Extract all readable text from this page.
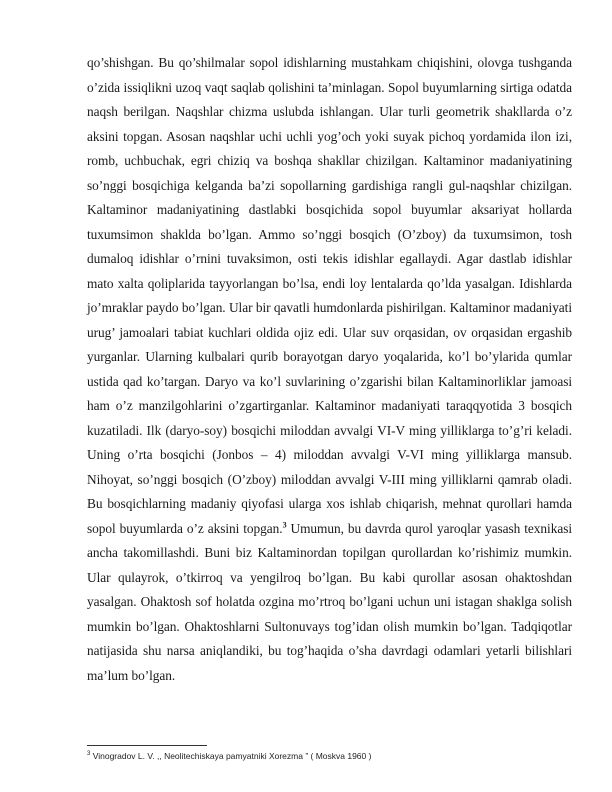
qo’shishgan. Bu qo’shilmalar sopol idishlarning mustahkam chiqishini, olovga tushganda o’zida issiqlikni uzoq vaqt saqlab qolishini ta’minlagan. Sopol buyumlarning sirtiga odatda naqsh berilgan. Naqshlar chizma uslubda ishlangan. Ular turli geometrik shakllarda o’z aksini topgan. Asosan naqshlar uchi uchli yog’och yoki suyak pichoq yordamida ilon izi, romb, uchbuchak, egri chiziq va boshqa shakllar chizilgan. Kaltaminor madaniyatining so’nggi bosqichiga kelganda ba’zi sopollarning gardishiga rangli gul-naqshlar chizilgan. Kaltaminor madaniyatining dastlabki bosqichida sopol buyumlar aksariyat hollarda tuxumsimon shaklda bo’lgan. Ammo so’nggi bosqich (O’zboy) da tuxumsimon, tosh dumaloq idishlar o’rnini tuvaksimon, osti tekis idishlar egallaydi. Agar dastlab idishlar mato xalta qoliplarida tayyorlangan bo’lsa, endi loy lentalarda qo’lda yasalgan. Idishlarda jo’mraklar paydo bo’lgan. Ular bir qavatli humdonlarda pishirilgan. Kaltaminor madaniyati urug’ jamoalari tabiat kuchlari oldida ojiz edi. Ular suv orqasidan, ov orqasidan ergashib yurganlar. Ularning kulbalari qurib borayotgan daryo yoqalarida, ko’l bo’ylarida qumlar ustida qad ko’targan. Daryo va ko’l suvlarining o’zgarishi bilan Kaltaminorliklar jamoasi ham o’z manzilgohlarini o’zgartirganlar. Kaltaminor madaniyati taraqqyotida 3 bosqich kuzatiladi. Ilk (daryo-soy) bosqichi miloddan avvalgi VI-V ming yilliklarga to’g’ri keladi. Uning o’rta bosqichi (Jonbos – 4) miloddan avvalgi V-VI ming yilliklarga mansub. Nihoyat, so’nggi bosqich (O’zboy) miloddan avvalgi V-III ming yilliklarni qamrab oladi. Bu bosqichlarning madaniy qiyofasi ularga xos ishlab chiqarish, mehnat qurollari hamda sopol buyumlarda o’z aksini topgan.$^3$ Umumun, bu davrda qurol yaroqlar yasash texnikasi ancha takomillashdi. Buni biz Kaltaminordan topilgan qurollardan ko’rishimiz mumkin. Ular qulayrok, o’tkirroq va yengilroq bo’lgan. Bu kabi qurollar asosan ohaktoshdan yasalgan. Ohaktosh sof holatda ozgina mo’rtroq bo’lgani uchun uni istagan shaklga solish mumkin bo’lgan. Ohaktoshlarni Sultonuvays tog’idan olish mumkin bo’lgan. Tadqiqotlar natijasida shu narsa aniqlandiki, bu tog’haqida o’sha davrdagi odamlari yetarli bilishlari ma’lum bo’lgan.

$^3$ Vinogradov L. V. ,, Neolitechiskaya pamyatniki Xorezma ” ( Moskva 1960 )
